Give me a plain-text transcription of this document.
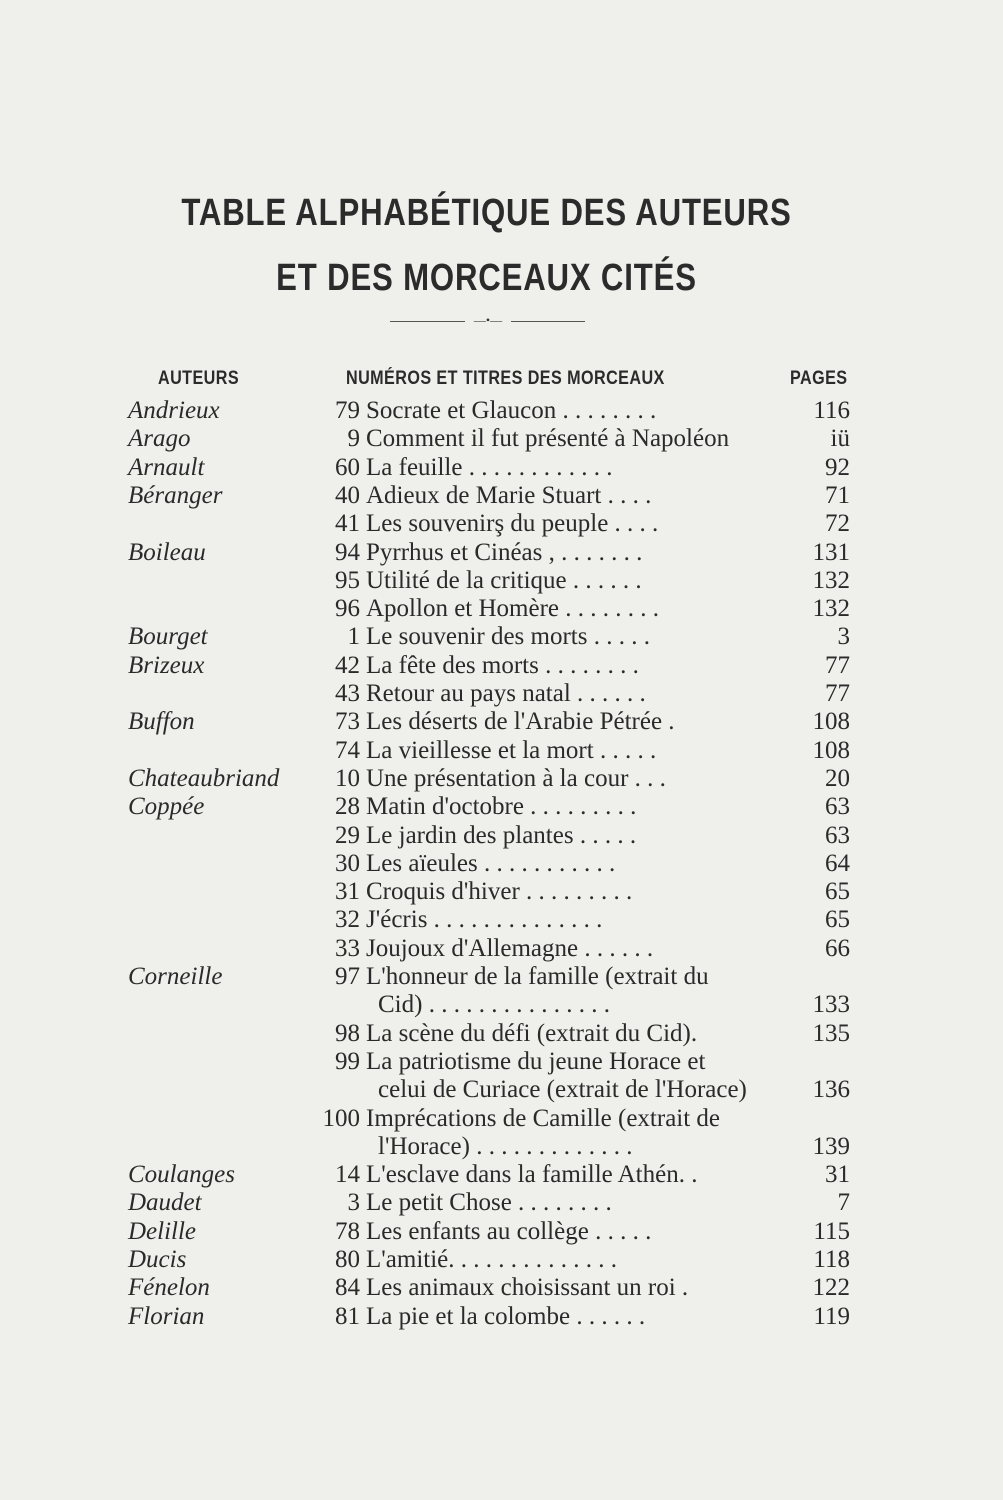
TABLE ALPHABÉTIQUE DES AUTEURS
ET DES MORCEAUX CITÉS
—•—
AUTEURS	NUMÉROS ET TITRES DES MORCEAUX	PAGES
Andrieux	79 Socrate et Glaucon . . . . . . . .	116
Arago	9 Comment il fut présenté à Napoléon	iü
Arnault	60 La feuille . . . . . . . . . . . .	92
Béranger	40 Adieux de Marie Stuart . . . .	71
41 Les souvenirş du peuple . . . .	72
Boileau	94 Pyrrhus et Cinéas , . . . . . . .	131
95 Utilité de la critique . . . . . .	132
96 Apollon et Homère . . . . . . . .	132
Bourget	1 Le souvenir des morts . . . . .	3
Brizeux	42 La fête des morts . . . . . . . .	77
43 Retour au pays natal . . . . . .	77
Buffon	73 Les déserts de l'Arabie Pétrée .	108
74 La vieillesse et la mort . . . . .	108
Chateaubriand 10 Une présentation à la cour . . .	20
Coppée	28 Matin d'octobre . . . . . . . . .	63
29 Le jardin des plantes . . . . .	63
30 Les aïeules . . . . . . . . . . .	64
31 Croquis d'hiver . . . . . . . . .	65
32 J'écris . . . . . . . . . . . . . .	65
33 Joujoux d'Allemagne . . . . . .	66
Corneille	97 L'honneur de la famille (extrait du
Cid) . . . . . . . . . . . . . . .	133
98 La scène du défi (extrait du Cid).	135
99 La patriotisme du jeune Horace et
celui de Curiace (extrait de l'Horace)	136
100 Imprécations de Camille (extrait de
l'Horace) . . . . . . . . . . . . .	139
Coulanges	14 L'esclave dans la famille Athén. .	31
Daudet	3 Le petit Chose . . . . . . . .	7
Delille	78 Les enfants au collège . . . . .	115
Ducis	80 L'amitié. . . . . . . . . . . . . .	118
Fénelon	84 Les animaux choisissant un roi .	122
Florian	81 La pie et la colombe . . . . . .	119
